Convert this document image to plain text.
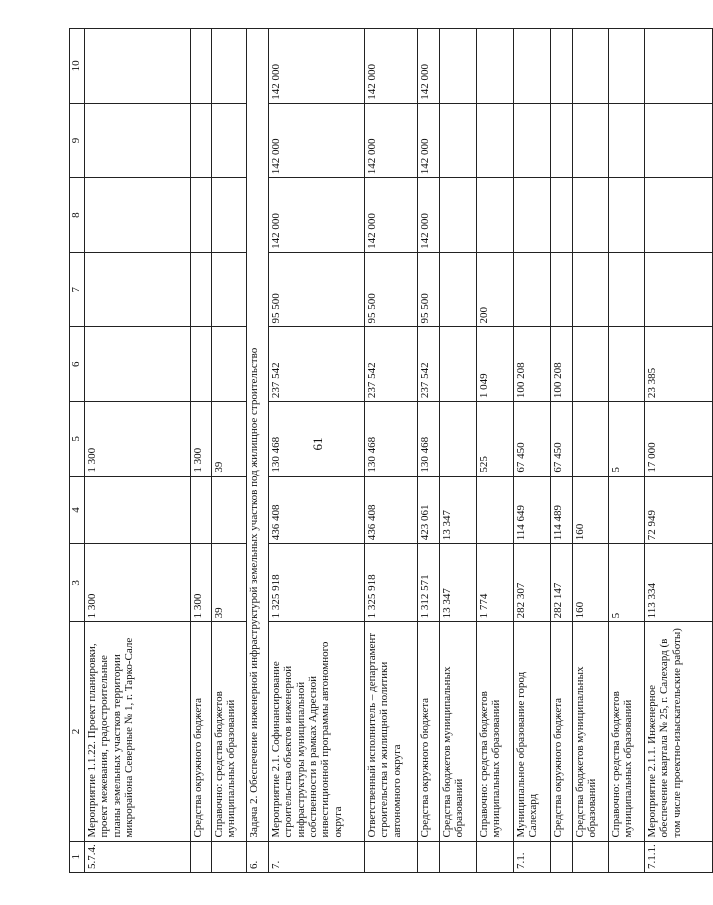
61
1	2	3	4	5	6	7	8	9	10
5.7.4.	Мероприятие 1.1.22. Проект планировки, проект межевания, градостроительные планы земельных участков территории микрорайона Северные № 1, г. Тарко-Сале	1 300		1 300					
	Средства окружного бюджета	1 300		1 300					
	Справочно: средства бюджетов муниципальных образований	39		39					
6.	Задача 2. Обеспечение инженерной инфраструктурой земельных участков под жилищное строительство								
7.	Мероприятие 2.1. Софинансирование строительства объектов инженерной инфраструктуры муниципальной собственности в рамках Адресной инвестиционной программы автономного округа	1 325 918	436 408	130 468	237 542	95 500	142 000	142 000	142 000
	Ответственный исполнитель – департамент строительства и жилищной политики автономного округа	1 325 918	436 408	130 468	237 542	95 500	142 000	142 000	142 000
	Средства окружного бюджета	1 312 571	423 061	130 468	237 542	95 500	142 000	142 000	142 000
	Средства бюджетов муниципальных образований	13 347	13 347						
	Справочно: средства бюджетов муниципальных образований	1 774		525	1 049	200			
7.1.	Муниципальное образование город Салехард	282 307	114 649	67 450	100 208				
	Средства окружного бюджета	282 147	114 489	67 450	100 208				
	Средства бюджетов муниципальных образований	160	160						
	Справочно: средства бюджетов муниципальных образований	5		5					
7.1.1.	Мероприятие 2.1.1. Инженерное обеспечение квартала № 25, г. Салехард (в том числе проектно-изыскательские работы)	113 334	72 949	17 000	23 385				
